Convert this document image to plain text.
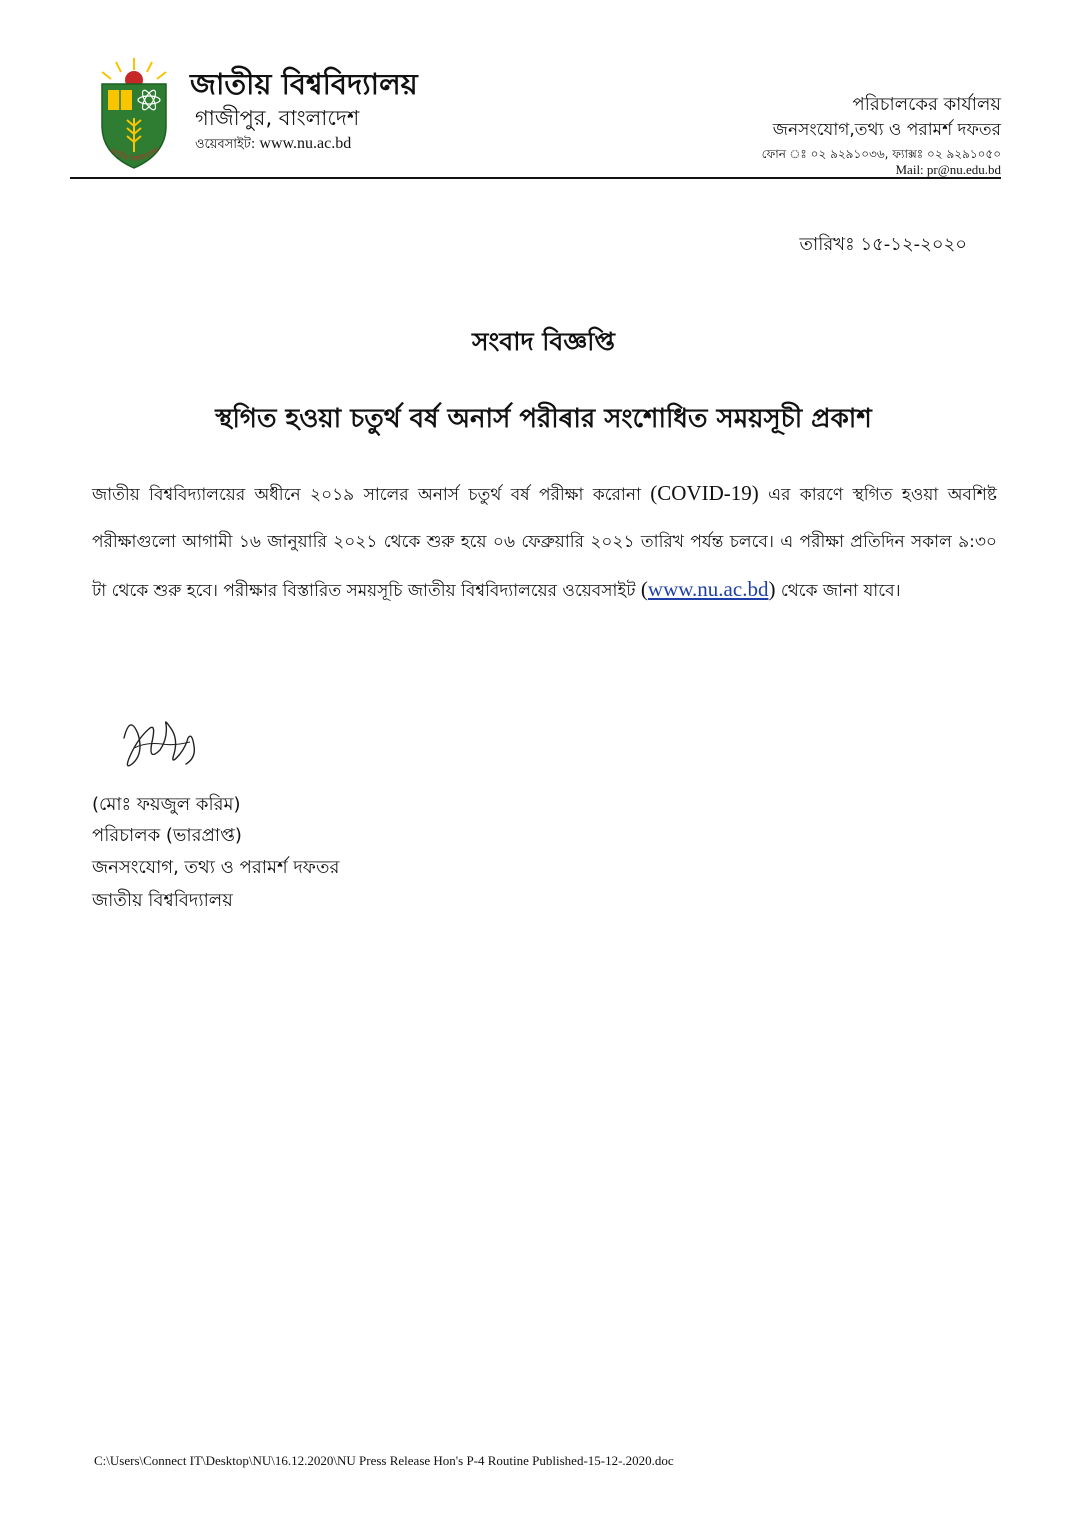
জাতীয় বিশ্ববিদ্যালয়
জাতীয় বিশ্ববিদ্যালয়
গাজীপুর, বাংলাদেশ
ওয়েবসাইট: www.nu.ac.bd
পরিচালকের কার্যালয়
জনসংযোগ,তথ্য ও পরামর্শ দফতর
ফোন ঃ ০২ ৯২৯১০৩৬, ফ্যাক্সঃ ০২ ৯২৯১০৫০
Mail: pr@nu.edu.bd
তারিখঃ ১৫-১২-২০২০
সংবাদ বিজ্ঞপ্তি
স্থগিত হওয়া চতুর্থ বর্ষ অনার্স পরীৰার সংশোধিত সময়সূচী প্রকাশ
জাতীয় বিশ্ববিদ্যালয়ের অধীনে ২০১৯ সালের অনার্স চতুর্থ বর্ষ পরীক্ষা করোনা (COVID-19) এর কারণে স্থগিত হওয়া অবশিষ্ট পরীক্ষাগুলো আগামী ১৬ জানুয়ারি ২০২১ থেকে শুরু হয়ে ০৬ ফেব্রুয়ারি ২০২১ তারিখ পর্যন্ত চলবে। এ পরীক্ষা প্রতিদিন সকাল ৯:৩০ টা থেকে শুরু হবে। পরীক্ষার বিস্তারিত সময়সূচি জাতীয় বিশ্ববিদ্যালয়ের ওয়েবসাইট (www.nu.ac.bd) থেকে জানা যাবে।
(মোঃ ফয়জুল করিম)
পরিচালক (ভারপ্রাপ্ত)
জনসংযোগ, তথ্য ও পরামর্শ দফতর
জাতীয় বিশ্ববিদ্যালয়
C:\Users\Connect IT\Desktop\NU\16.12.2020\NU Press Release Hon's P-4 Routine Published-15-12-.2020.doc
